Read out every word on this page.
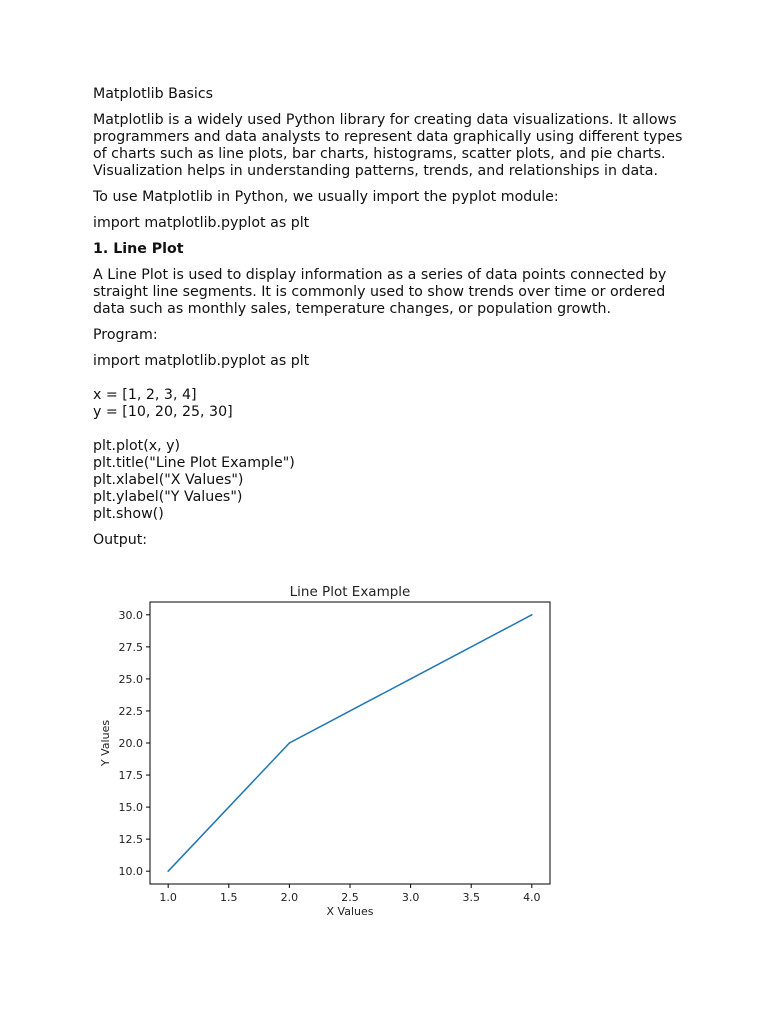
Matplotlib Basics

Matplotlib is a widely used Python library for creating data visualizations. It allows programmers and data analysts to represent data graphically using different types of charts such as line plots, bar charts, histograms, scatter plots, and pie charts. Visualization helps in understanding patterns, trends, and relationships in data.

To use Matplotlib in Python, we usually import the pyplot module:

import matplotlib.pyplot as plt

1. Line Plot

A Line Plot is used to display information as a series of data points connected by straight line segments. It is commonly used to show trends over time or ordered data such as monthly sales, temperature changes, or population growth.

Program:

import matplotlib.pyplot as plt

x = [1, 2, 3, 4]

y = [10, 20, 25, 30]

plt.plot(x, y)

plt.title("Line Plot Example")

plt.xlabel("X Values")

plt.ylabel("Y Values")

plt.show()

Output:

Line Plot Example
1.0	1.5	2.0	2.5	3.0	3.5	4.0
10.0
12.5
15.0
17.5
20.0
22.5
25.0
27.5
30.0
X Values
Y Values
